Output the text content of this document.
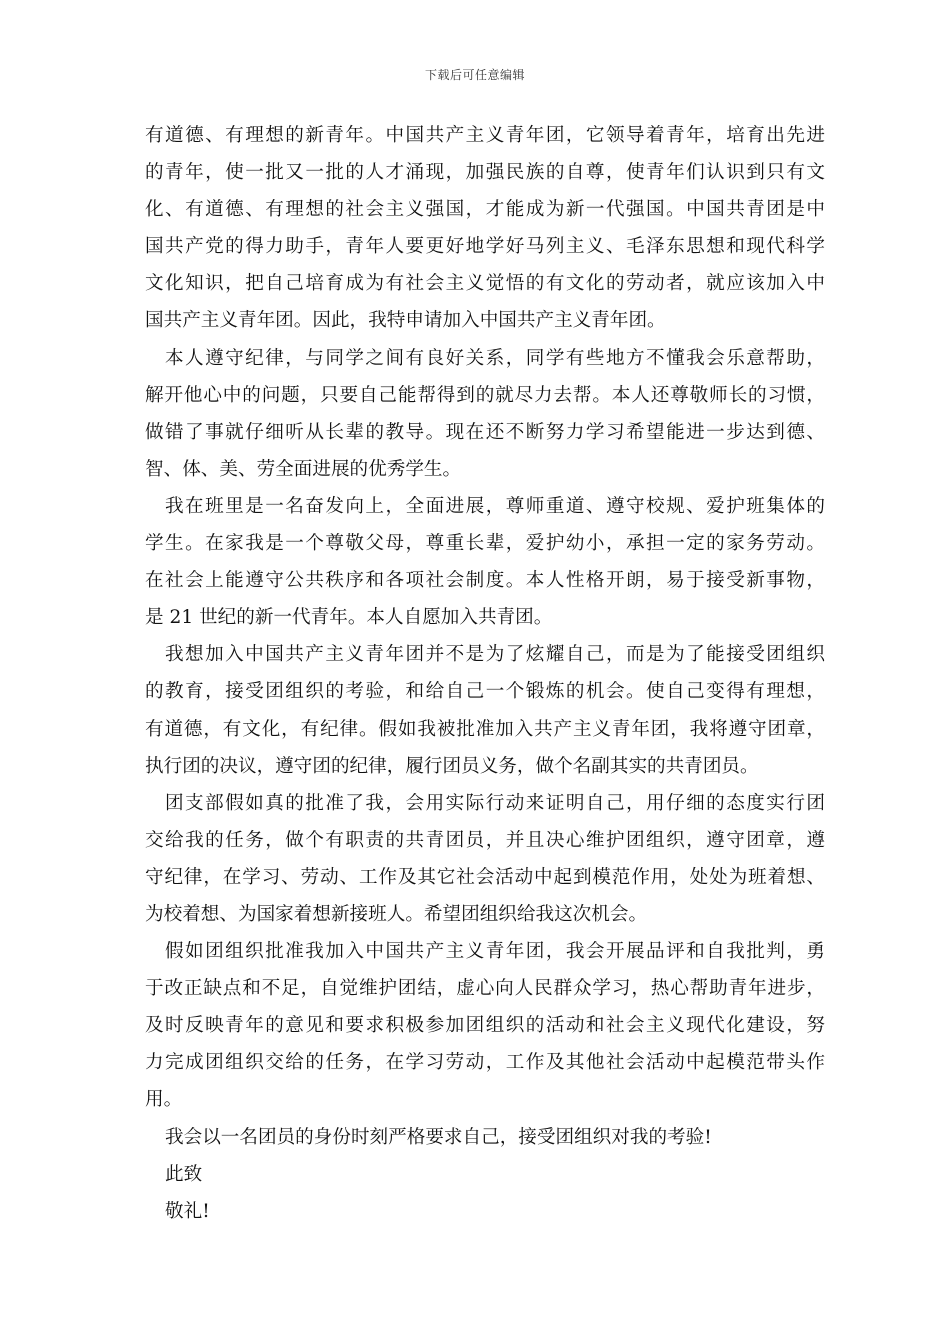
下载后可任意编辑
有道德、有理想的新青年。中国共产主义青年团，它领导着青年，培育出先进
的青年，使一批又一批的人才涌现，加强民族的自尊，使青年们认识到只有文
化、有道德、有理想的社会主义强国，才能成为新一代强国。中国共青团是中
国共产党的得力助手，青年人要更好地学好马列主义、毛泽东思想和现代科学
文化知识，把自己培育成为有社会主义觉悟的有文化的劳动者，就应该加入中
国共产主义青年团。因此，我特申请加入中国共产主义青年团。
本人遵守纪律，与同学之间有良好关系，同学有些地方不懂我会乐意帮助，
解开他心中的问题，只要自己能帮得到的就尽力去帮。本人还尊敬师长的习惯，
做错了事就仔细听从长辈的教导。现在还不断努力学习希望能进一步达到德、
智、体、美、劳全面进展的优秀学生。
我在班里是一名奋发向上，全面进展，尊师重道、遵守校规、爱护班集体的
学生。在家我是一个尊敬父母，尊重长辈，爱护幼小，承担一定的家务劳动。
在社会上能遵守公共秩序和各项社会制度。本人性格开朗，易于接受新事物，
是 21 世纪的新一代青年。本人自愿加入共青团。
我想加入中国共产主义青年团并不是为了炫耀自己，而是为了能接受团组织
的教育，接受团组织的考验，和给自己一个锻炼的机会。使自己变得有理想，
有道德，有文化，有纪律。假如我被批准加入共产主义青年团，我将遵守团章，
执行团的决议，遵守团的纪律，履行团员义务，做个名副其实的共青团员。
团支部假如真的批准了我，会用实际行动来证明自己，用仔细的态度实行团
交给我的任务，做个有职责的共青团员，并且决心维护团组织，遵守团章，遵
守纪律，在学习、劳动、工作及其它社会活动中起到模范作用，处处为班着想、
为校着想、为国家着想新接班人。希望团组织给我这次机会。
假如团组织批准我加入中国共产主义青年团，我会开展品评和自我批判，勇
于改正缺点和不足，自觉维护团结，虚心向人民群众学习，热心帮助青年进步，
及时反映青年的意见和要求积极参加团组织的活动和社会主义现代化建设，努
力完成团组织交给的任务，在学习劳动，工作及其他社会活动中起模范带头作
用。
我会以一名团员的身份时刻严格要求自己，接受团组织对我的考验!
此致
敬礼!
